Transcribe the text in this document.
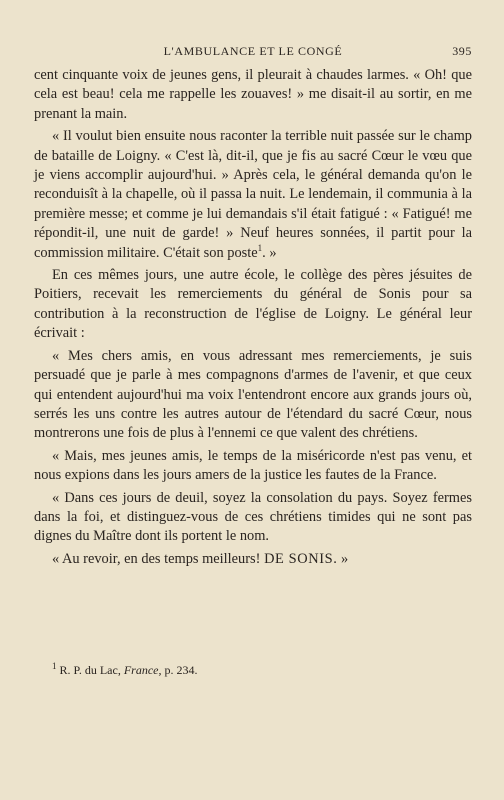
L'AMBULANCE ET LE CONGÉ	395

cent cinquante voix de jeunes gens, il pleurait à chaudes larmes. « Oh! que cela est beau! cela me rappelle les zouaves! » me disait-il au sortir, en me prenant la main.

« Il voulut bien ensuite nous raconter la terrible nuit passée sur le champ de bataille de Loigny. « C'est là, dit-il, que je fis au sacré Cœur le vœu que je viens accomplir aujourd'hui. » Après cela, le général demanda qu'on le reconduisît à la chapelle, où il passa la nuit. Le lendemain, il communia à la première messe; et comme je lui demandais s'il était fatigué : « Fatigué! me répondit-il, une nuit de garde! » Neuf heures sonnées, il partit pour la commission militaire. C'était son poste$^1$. »

En ces mêmes jours, une autre école, le collège des pères jésuites de Poitiers, recevait les remerciements du général de Sonis pour sa contribution à la reconstruction de l'église de Loigny. Le général leur écrivait :

« Mes chers amis, en vous adressant mes remerciements, je suis persuadé que je parle à mes compagnons d'armes de l'avenir, et que ceux qui entendent aujourd'hui ma voix l'entendront encore aux grands jours où, serrés les uns contre les autres autour de l'étendard du sacré Cœur, nous montrerons une fois de plus à l'ennemi ce que valent des chrétiens.

« Mais, mes jeunes amis, le temps de la miséricorde n'est pas venu, et nous expions dans les jours amers de la justice les fautes de la France.

« Dans ces jours de deuil, soyez la consolation du pays. Soyez fermes dans la foi, et distinguez-vous de ces chrétiens timides qui ne sont pas dignes du Maître dont ils portent le nom.

« Au revoir, en des temps meilleurs! DE SONIS. »

$^1$ R. P. du Lac, France, p. 234.
